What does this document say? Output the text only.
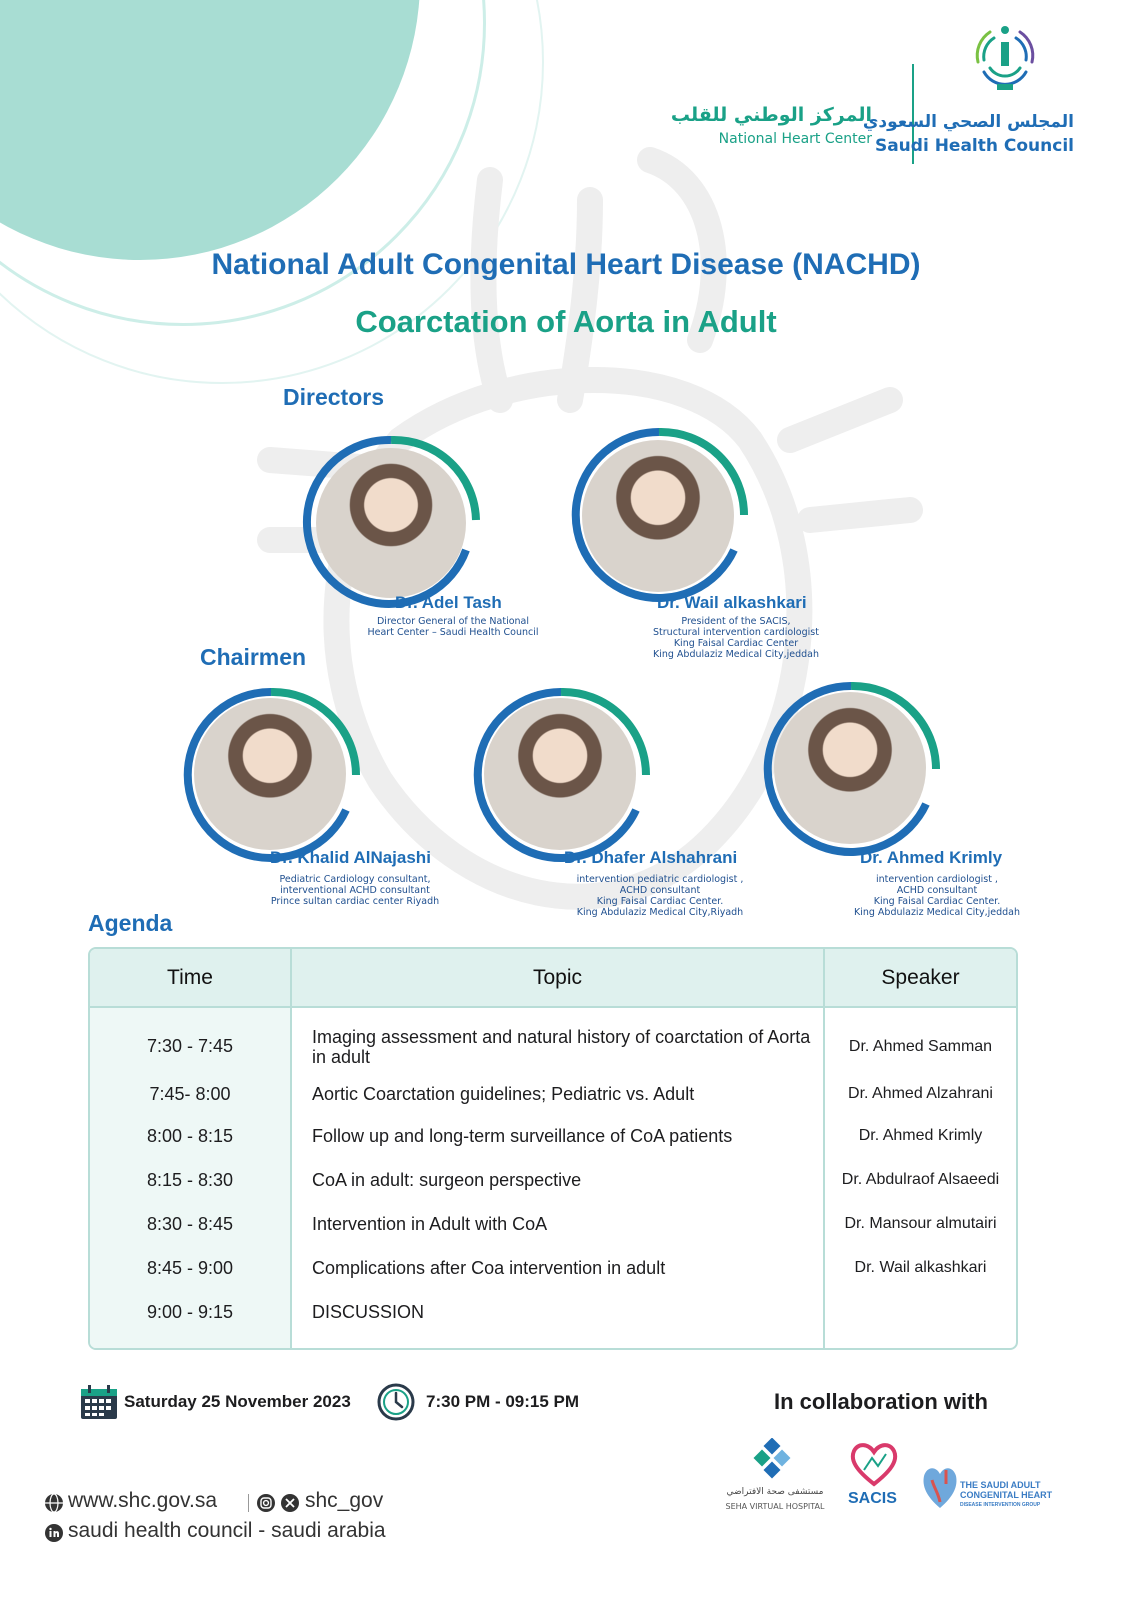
المركز الوطني للقلب
National Heart Center
المجلس الصحي السعودي
Saudi Health Council
National Adult Congenital Heart Disease (NACHD)
Coarctation of Aorta in Adult
Directors
Dr. Adel Tash
Director General of the National
Heart Center – Saudi Health Council
Dr. Wail alkashkari
President of the SACIS,
Structural intervention cardiologist
King Faisal Cardiac Center
King Abdulaziz Medical City,jeddah
Chairmen
Dr. Khalid AlNajashi
Pediatric Cardiology consultant,
interventional ACHD consultant
Prince sultan cardiac center Riyadh
Dr. Dhafer Alshahrani
intervention pediatric cardiologist ,
ACHD consultant
King Faisal Cardiac Center.
King Abdulaziz Medical City,Riyadh
Dr. Ahmed Krimly
intervention cardiologist ,
ACHD consultant
King Faisal Cardiac Center.
King Abdulaziz Medical City,jeddah
Agenda
Time	Topic	Speaker
7:30 - 7:45	Imaging assessment and natural history of coarctation of Aorta in adult	Dr. Ahmed Samman
7:45- 8:00	Aortic Coarctation guidelines; Pediatric vs. Adult	Dr. Ahmed Alzahrani
8:00 - 8:15	Follow up and long-term surveillance of CoA patients	Dr. Ahmed Krimly
8:15 - 8:30	CoA in adult: surgeon perspective	Dr. Abdulraof Alsaeedi
8:30 - 8:45	Intervention in Adult with CoA	Dr. Mansour almutairi
8:45 - 9:00	Complications after Coa intervention in adult	Dr. Wail alkashkari
9:00 - 9:15	DISCUSSION	
Saturday 25 November 2023	7:30 PM - 09:15 PM	In collaboration with
مستشفى صحة الافتراضي
SEHA VIRTUAL HOSPITAL	SACIS
THE SAUDI ADULT
CONGENITAL HEART
DISEASE INTERVENTION GROUP
www.shc.gov.sa	shc_gov
saudi health council - saudi arabia
